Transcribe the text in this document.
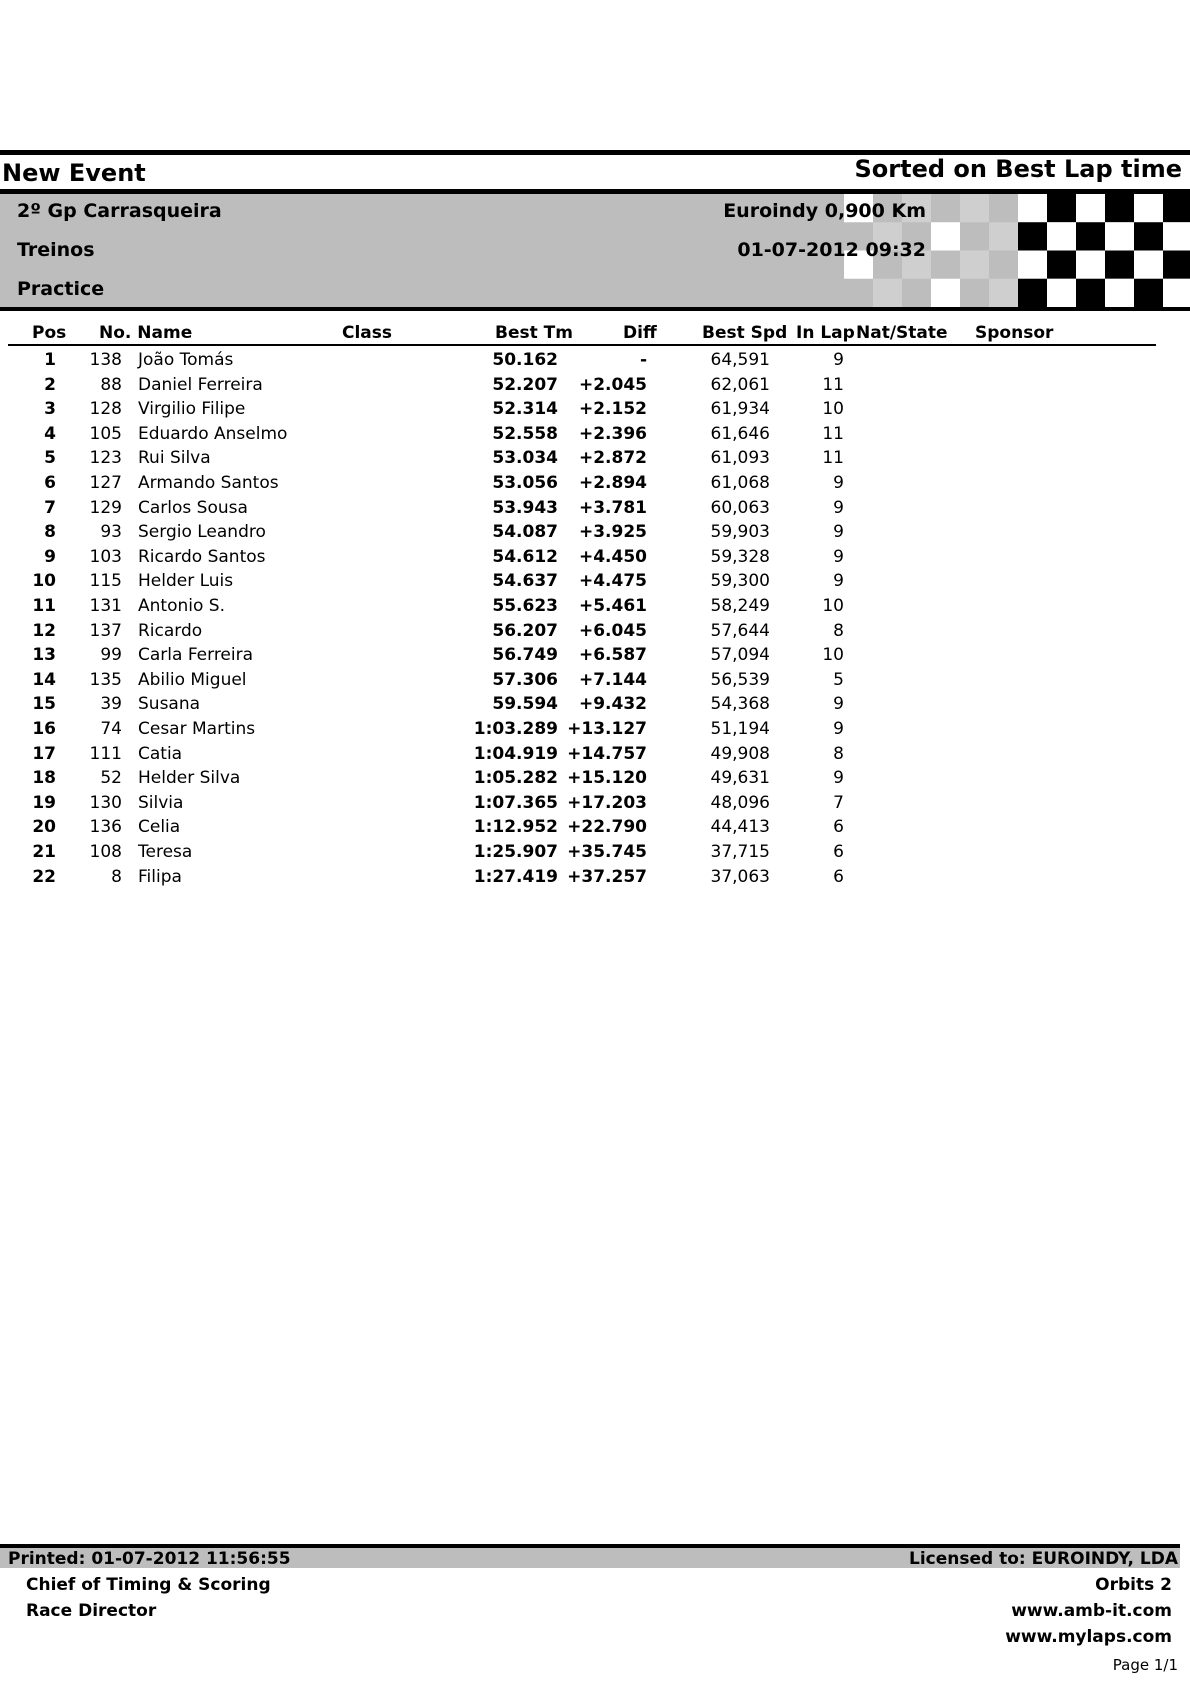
New Event	Sorted on Best Lap time
2º Gp Carrasqueira
Treinos
Practice
Euroindy 0,900 Km
01-07-2012 09:32
Pos No. Name	Class	Best Tm	Diff	Best Spd In Lap Nat/State Sponsor
1 138 João Tomás	50.162	-	64,591	9
2	88 Daniel Ferreira	52.207 +2.045	62,061	11
3 128 Virgilio Filipe	52.314 +2.152	61,934	10
4 105 Eduardo Anselmo	52.558 +2.396	61,646	11
5 123 Rui Silva	53.034 +2.872	61,093	11
6 127 Armando Santos	53.056 +2.894	61,068	9
7 129 Carlos Sousa	53.943 +3.781	60,063	9
8	93 Sergio Leandro	54.087 +3.925	59,903	9
9 103 Ricardo Santos	54.612 +4.450	59,328	9
10 115 Helder Luis	54.637 +4.475	59,300	9
11 131 Antonio S.	55.623 +5.461	58,249	10
12 137 Ricardo	56.207 +6.045	57,644	8
13	99 Carla Ferreira	56.749 +6.587	57,094	10
14 135 Abilio Miguel	57.306 +7.144	56,539	5
15	39 Susana	59.594 +9.432	54,368	9
16	74 Cesar Martins	1:03.289 +13.127	51,194	9
17 111 Catia	1:04.919 +14.757	49,908	8
18	52 Helder Silva	1:05.282 +15.120	49,631	9
19 130 Silvia	1:07.365 +17.203	48,096	7
20 136 Celia	1:12.952 +22.790	44,413	6
21 108 Teresa	1:25.907 +35.745	37,715	6
22	8 Filipa	1:27.419 +37.257	37,063	6
Printed: 01-07-2012 11:56:55	Licensed to: EUROINDY, LDA
Chief of Timing & Scoring
Race Director
Orbits 2
www.amb-it.com
www.mylaps.com
Page 1/1
